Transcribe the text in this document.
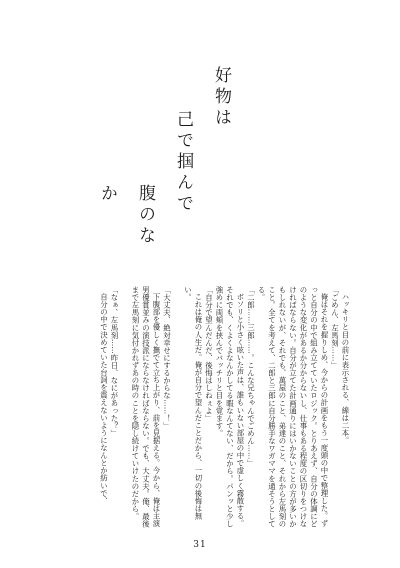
好物は
己で掴んで
腹のなか

ハッキリと目の前に表示される、線は二本。

「ごめん、左馬刻……」

俺はそれを握りしめ、今からの計画をもう一度頭の中で整理した。ずっと自分の中で組み立てていたロジック。とりあえず、自分の体調にどのような変化があるか分からないし、仕事もある程度の区切りをつけなければならない。自分が立てた計画通りにはいかないことの方が多いかもしれないが、それでも、萬屋のこと、弟達のこと、それから左馬刻のこと。全てを考えて、二郎と三郎に自分勝手なワガママを通そうとしてる。

「二郎……三郎……。こんな兄ちゃんでごめん……」

ボソリと小さく呟いた声は、誰もいない部屋の中で虚しく霧散する。それでも、くよくよなんかしてる暇なんてない、だから。パンッと少し強めに両頬を挟んでバッチリと目を覚ます。

「自分で望んだんだ、後悔はしねぇよ」

これは俺の人生だ。俺が自分で望んだことだから、一切の後悔は無い。

「大丈夫、絶対幸せにするからな……！」

下腹部を優しく撫でて立ち上がり、前を見据える。今から、俺は主演男優賞並みの演技派にならなければならない。でも、大丈夫。俺、最後まで左馬刻に気付かれずあの時のことを隠し続けていけたのだから。

「なぁ、左馬刻……昨日、なにがあった？」

自分の中で決めていた台詞を震えないようになんとか紡いで、

31
